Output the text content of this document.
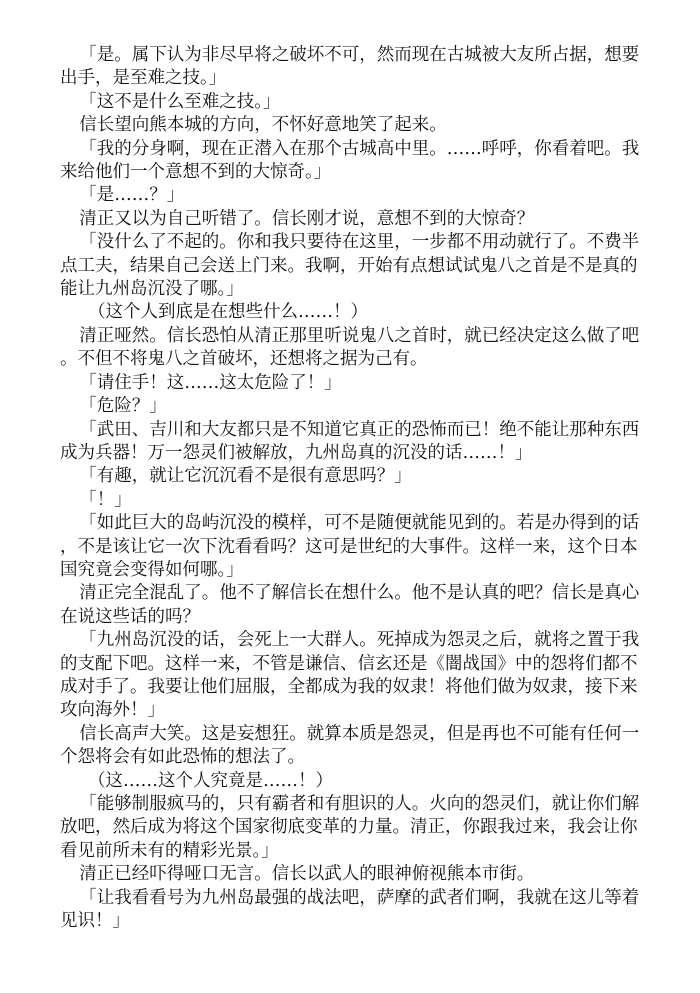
「是。属下认为非尽早将之破坏不可，然而现在古城被大友所占据，想要出手，是至难之技。」

「这不是什么至难之技。」

信长望向熊本城的方向，不怀好意地笑了起来。

「我的分身啊，现在正潜入在那个古城高中里。……呼呼，你看着吧。我来给他们一个意想不到的大惊奇。」

「是……？」

清正又以为自己听错了。信长刚才说，意想不到的大惊奇？

「没什么了不起的。你和我只要待在这里，一步都不用动就行了。不费半点工夫，结果自己会送上门来。我啊，开始有点想试试鬼八之首是不是真的能让九州岛沉没了哪。」

（这个人到底是在想些什么……！）

清正哑然。信长恐怕从清正那里听说鬼八之首时，就已经决定这么做了吧。不但不将鬼八之首破坏，还想将之据为己有。

「请住手！这……这太危险了！」

「危险？」

「武田、吉川和大友都只是不知道它真正的恐怖而已！绝不能让那种东西成为兵器！万一怨灵们被解放，九州岛真的沉没的话……！」

「有趣，就让它沉沉看不是很有意思吗？」

「！」

「如此巨大的岛屿沉没的模样，可不是随便就能见到的。若是办得到的话，不是该让它一次下沈看看吗？这可是世纪的大事件。这样一来，这个日本国究竟会变得如何哪。」

清正完全混乱了。他不了解信长在想什么。他不是认真的吧？信长是真心在说这些话的吗？

「九州岛沉没的话，会死上一大群人。死掉成为怨灵之后，就将之置于我的支配下吧。这样一来，不管是谦信、信玄还是《闇战国》中的怨将们都不成对手了。我要让他们屈服，全都成为我的奴隶！将他们做为奴隶，接下来攻向海外！」

信长高声大笑。这是妄想狂。就算本质是怨灵，但是再也不可能有任何一个怨将会有如此恐怖的想法了。

（这……这个人究竟是……！）

「能够制服疯马的，只有霸者和有胆识的人。火向的怨灵们，就让你们解放吧，然后成为将这个国家彻底变革的力量。清正，你跟我过来，我会让你看见前所未有的精彩光景。」

清正已经吓得哑口无言。信长以武人的眼神俯视熊本市街。

「让我看看号为九州岛最强的战法吧，萨摩的武者们啊，我就在这儿等着见识！」
